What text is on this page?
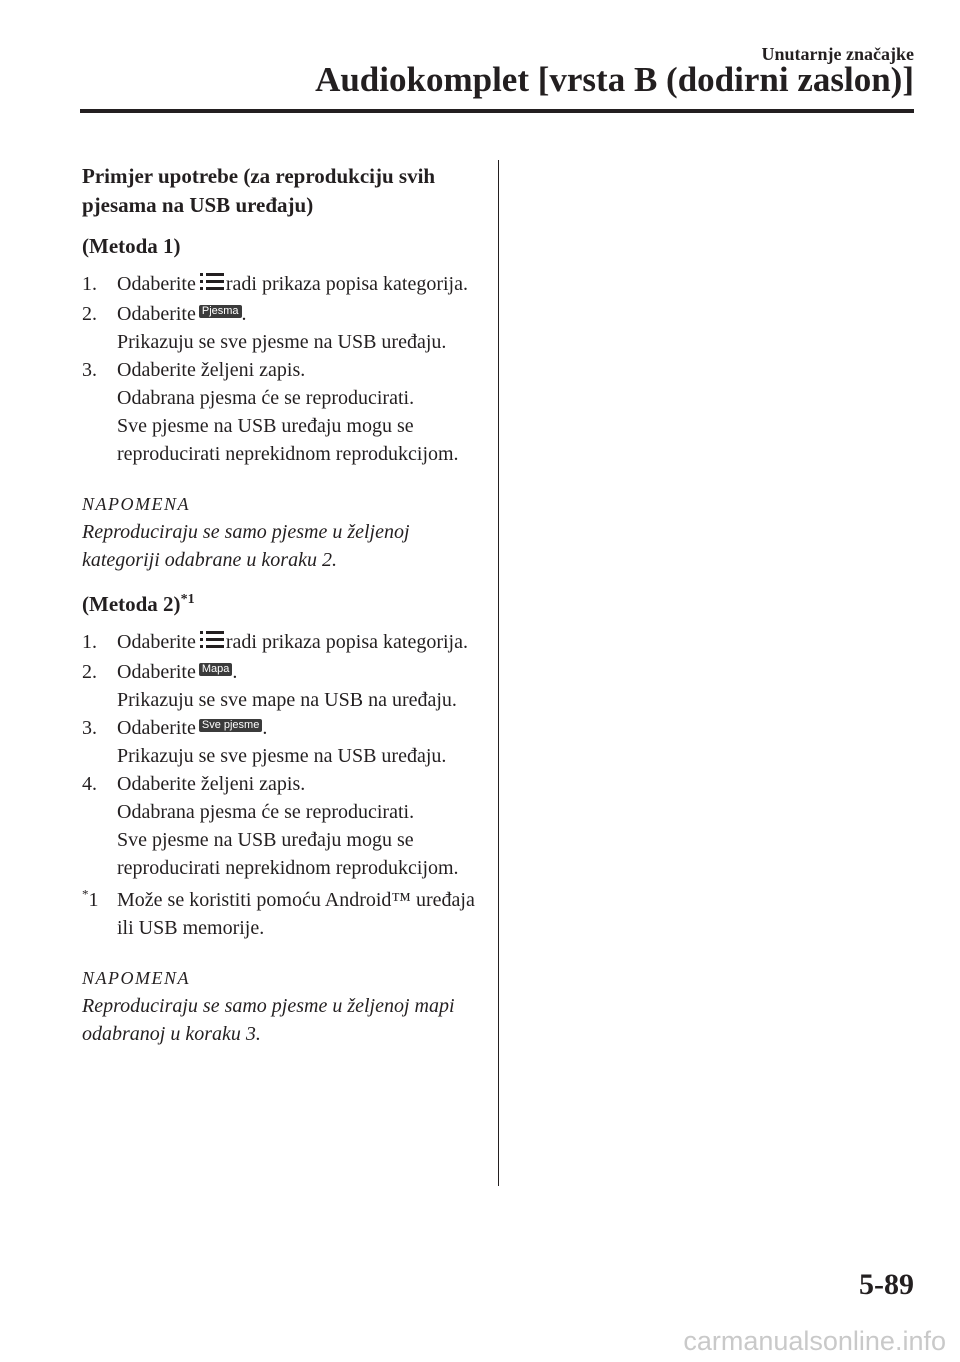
Unutarnje značajke
Audiokomplet [vrsta B (dodirni zaslon)]
Primjer upotrebe (za reprodukciju svih pjesama na USB uređaju)
(Metoda 1)
1. Odaberite radi prikaza popisa kategorija.
2. Odaberite Pjesma .
Prikazuju se sve pjesme na USB uređaju.
3. Odaberite željeni zapis.
Odabrana pjesma će se reproducirati.
Sve pjesme na USB uređaju mogu se reproducirati neprekidnom reprodukcijom.
NAPOMENA
Reproduciraju se samo pjesme u željenoj kategoriji odabrane u koraku 2.
(Metoda 2)$^{*1}$
1. Odaberite radi prikaza popisa kategorija.
2. Odaberite Mapa .
Prikazuju se sve mape na USB na uređaju.
3. Odaberite Sve pjesme .
Prikazuju se sve pjesme na USB uređaju.
4. Odaberite željeni zapis.
Odabrana pjesma će se reproducirati.
Sve pjesme na USB uređaju mogu se reproducirati neprekidnom reprodukcijom.
*1 Može se koristiti pomoću Android™ uređaja ili USB memorije.
NAPOMENA
Reproduciraju se samo pjesme u željenoj mapi odabranoj u koraku 3.
5-89
carmanualsonline.info
